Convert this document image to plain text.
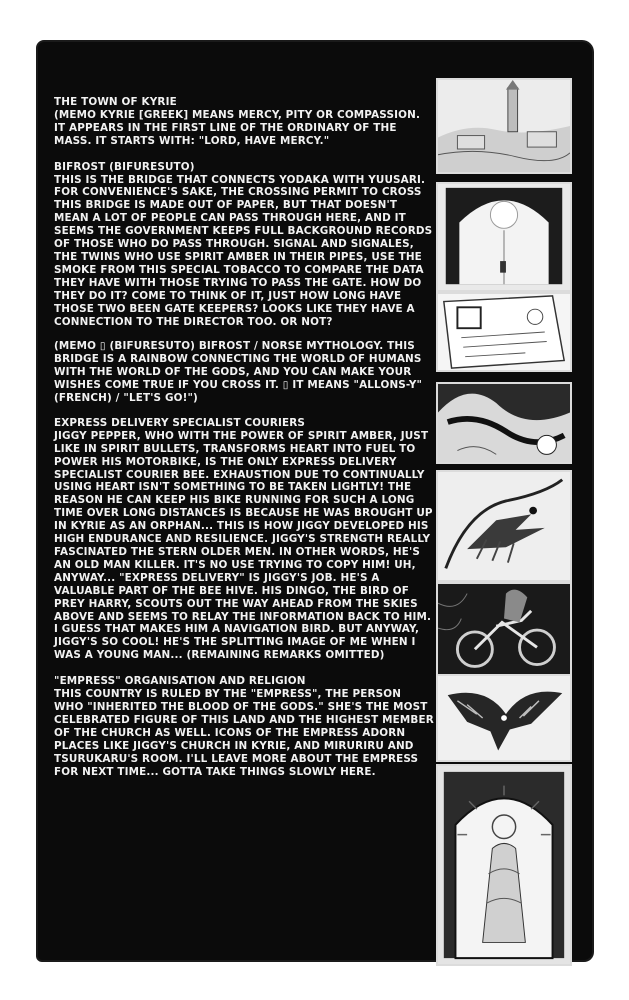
THE TOWN OF KYRIE

(MEMO KYRIE [GREEK] MEANS MERCY, PITY OR COMPASSION. IT APPEARS IN THE FIRST LINE OF THE ORDINARY OF THE MASS. IT STARTS WITH: "LORD, HAVE MERCY."

BIFROST (BIFURESUTO)

THIS IS THE BRIDGE THAT CONNECTS YODAKA WITH YUUSARI. FOR CONVENIENCE'S SAKE, THE CROSSING PERMIT TO CROSS THIS BRIDGE IS MADE OUT OF PAPER, BUT THAT DOESN'T MEAN A LOT OF PEOPLE CAN PASS THROUGH HERE, AND IT SEEMS THE GOVERNMENT KEEPS FULL BACKGROUND RECORDS OF THOSE WHO DO PASS THROUGH. SIGNAL AND SIGNALES, THE TWINS WHO USE SPIRIT AMBER IN THEIR PIPES, USE THE SMOKE FROM THIS SPECIAL TOBACCO TO COMPARE THE DATA THEY HAVE WITH THOSE TRYING TO PASS THE GATE. HOW DO THEY DO IT? COME TO THINK OF IT, JUST HOW LONG HAVE THOSE TWO BEEN GATE KEEPERS? LOOKS LIKE THEY HAVE A CONNECTION TO THE DIRECTOR TOO. OR NOT?

(MEMO ▯ (BIFURESUTO) BIFROST / NORSE MYTHOLOGY. THIS BRIDGE IS A RAINBOW CONNECTING THE WORLD OF HUMANS WITH THE WORLD OF THE GODS, AND YOU CAN MAKE YOUR WISHES COME TRUE IF YOU CROSS IT. ▯ IT MEANS "ALLONS-Y" (FRENCH) / "LET'S GO!")

EXPRESS DELIVERY SPECIALIST COURIERS

JIGGY PEPPER, WHO WITH THE POWER OF SPIRIT AMBER, JUST LIKE IN SPIRIT BULLETS, TRANSFORMS HEART INTO FUEL TO POWER HIS MOTORBIKE, IS THE ONLY EXPRESS DELIVERY SPECIALIST COURIER BEE. EXHAUSTION DUE TO CONTINUALLY USING HEART ISN'T SOMETHING TO BE TAKEN LIGHTLY! THE REASON HE CAN KEEP HIS BIKE RUNNING FOR SUCH A LONG TIME OVER LONG DISTANCES IS BECAUSE HE WAS BROUGHT UP IN KYRIE AS AN ORPHAN... THIS IS HOW JIGGY DEVELOPED HIS HIGH ENDURANCE AND RESILIENCE. JIGGY'S STRENGTH REALLY FASCINATED THE STERN OLDER MEN. IN OTHER WORDS, HE'S AN OLD MAN KILLER. IT'S NO USE TRYING TO COPY HIM! UH, ANYWAY... "EXPRESS DELIVERY" IS JIGGY'S JOB. HE'S A VALUABLE PART OF THE BEE HIVE. HIS DINGO, THE BIRD OF PREY HARRY, SCOUTS OUT THE WAY AHEAD FROM THE SKIES ABOVE AND SEEMS TO RELAY THE INFORMATION BACK TO HIM. I GUESS THAT MAKES HIM A NAVIGATION BIRD. BUT ANYWAY, JIGGY'S SO COOL! HE'S THE SPLITTING IMAGE OF ME WHEN I WAS A YOUNG MAN... (REMAINING REMARKS OMITTED)

"EMPRESS" ORGANISATION AND RELIGION

THIS COUNTRY IS RULED BY THE "EMPRESS", THE PERSON WHO "INHERITED THE BLOOD OF THE GODS." SHE'S THE MOST CELEBRATED FIGURE OF THIS LAND AND THE HIGHEST MEMBER OF THE CHURCH AS WELL. ICONS OF THE EMPRESS ADORN PLACES LIKE JIGGY'S CHURCH IN KYRIE, AND MIRURIRU AND TSURUKARU'S ROOM. I'LL LEAVE MORE ABOUT THE EMPRESS FOR NEXT TIME... GOTTA TAKE THINGS SLOWLY HERE.
